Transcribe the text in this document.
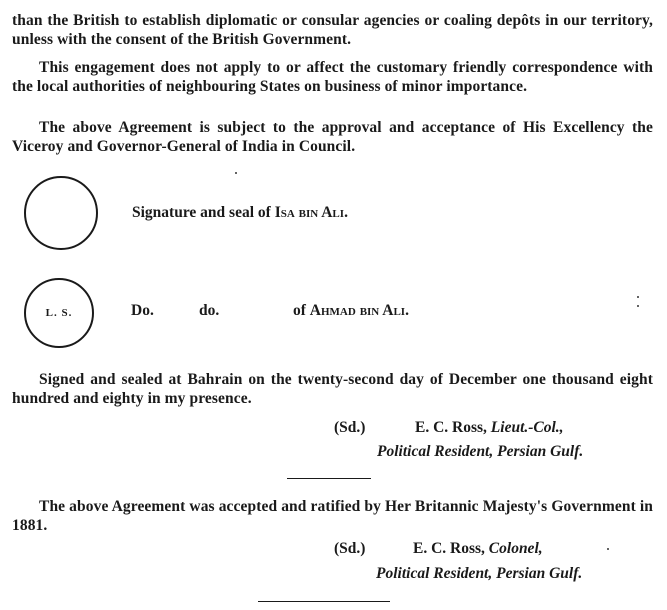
than the British to establish diplomatic or consular agencies or coaling depôts in our territory, unless with the consent of the British Government.
This engagement does not apply to or affect the customary friendly correspondence with the local authorities of neighbouring States on business of minor importance.
The above Agreement is subject to the approval and acceptance of His Excellency the Viceroy and Governor-General of India in Council.
Signature and seal of Isa bin Ali.
L. S.	Do.	do.	of Ahmad bin Ali.
Signed and sealed at Bahrain on the twenty-second day of December one thousand eight hundred and eighty in my presence.
(Sd.)	E. C. Ross, Lieut.-Col.,
Political Resident, Persian Gulf.
The above Agreement was accepted and ratified by Her Britannic Majesty's Government in 1881.
(Sd.)	E. C. Ross, Colonel,
Political Resident, Persian Gulf.
